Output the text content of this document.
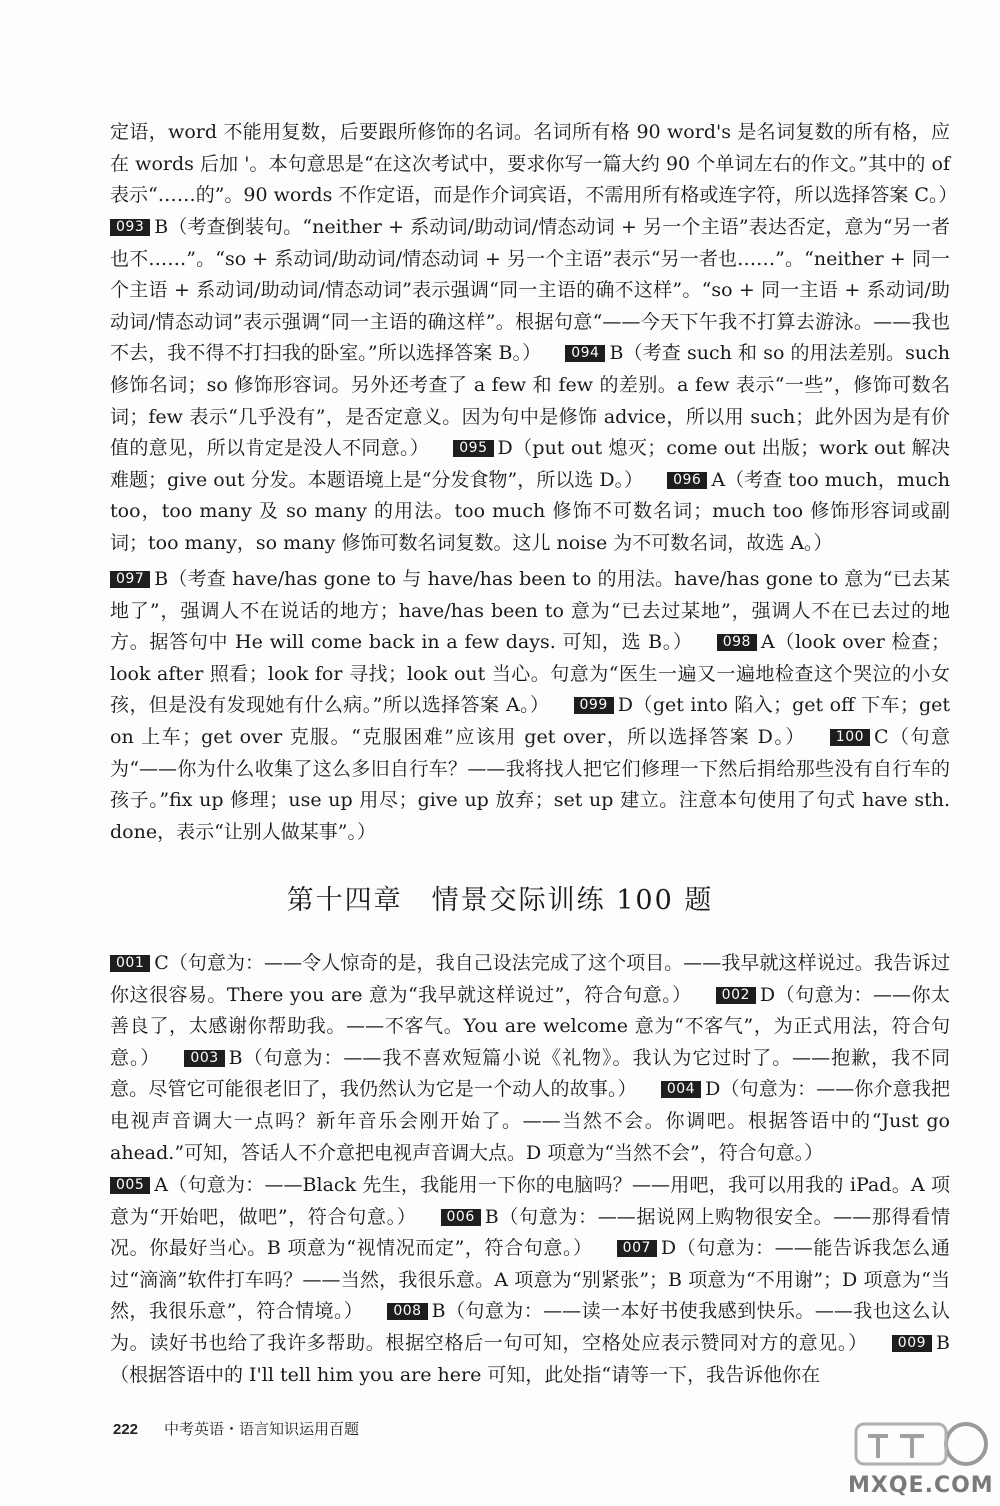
定语，word 不能用复数，后要跟所修饰的名词。名词所有格 90 word's 是名词复数的所有格，应在 words 后加 '。本句意思是“在这次考试中，要求你写一篇大约 90 个单词左右的作文。”其中的 of 表示“……的”。90 words 不作定语，而是作介词宾语，不需用所有格或连字符，所以选择答案 C。）

093 B（考查倒装句。“neither + 系动词/助动词/情态动词 + 另一个主语”表达否定，意为“另一者也不……”。“so + 系动词/助动词/情态动词 + 另一个主语”表示“另一者也……”。“neither + 同一个主语 + 系动词/助动词/情态动词”表示强调“同一主语的确不这样”。“so + 同一主语 + 系动词/助动词/情态动词”表示强调“同一主语的确这样”。根据句意“——今天下午我不打算去游泳。——我也不去，我不得不打扫我的卧室。”所以选择答案 B。） 094 B（考查 such 和 so 的用法差别。such 修饰名词；so 修饰形容词。另外还考查了 a few 和 few 的差别。a few 表示“一些”，修饰可数名词；few 表示“几乎没有”，是否定意义。因为句中是修饰 advice，所以用 such；此外因为是有价值的意见，所以肯定是没人不同意。） 095 D（put out 熄灭；come out 出版；work out 解决难题；give out 分发。本题语境上是“分发食物”，所以选 D。） 096 A（考查 too much，much too，too many 及 so many 的用法。too much 修饰不可数名词；much too 修饰形容词或副词；too many，so many 修饰可数名词复数。这儿 noise 为不可数名词，故选 A。）

097 B（考查 have/has gone to 与 have/has been to 的用法。have/has gone to 意为“已去某地了”，强调人不在说话的地方；have/has been to 意为“已去过某地”，强调人不在已去过的地方。据答句中 He will come back in a few days. 可知，选 B。） 098 A（look over 检查；look after 照看；look for 寻找；look out 当心。句意为“医生一遍又一遍地检查这个哭泣的小女孩，但是没有发现她有什么病。”所以选择答案 A。） 099 D（get into 陷入；get off 下车；get on 上车；get over 克服。“克服困难”应该用 get over，所以选择答案 D。） 100 C（句意为“——你为什么收集了这么多旧自行车？——我将找人把它们修理一下然后捐给那些没有自行车的孩子。”fix up 修理；use up 用尽；give up 放弃；set up 建立。注意本句使用了句式 have sth. done，表示“让别人做某事”。）

第十四章　情景交际训练 100 题

001 C（句意为：——令人惊奇的是，我自己设法完成了这个项目。——我早就这样说过。我告诉过你这很容易。There you are 意为“我早就这样说过”，符合句意。） 002 D（句意为：——你太善良了，太感谢你帮助我。——不客气。You are welcome 意为“不客气”，为正式用法，符合句意。） 003 B（句意为：——我不喜欢短篇小说《礼物》。我认为它过时了。——抱歉，我不同意。尽管它可能很老旧了，我仍然认为它是一个动人的故事。） 004 D（句意为：——你介意我把电视声音调大一点吗？新年音乐会刚开始了。——当然不会。你调吧。根据答语中的“Just go ahead.”可知，答话人不介意把电视声音调大点。D 项意为“当然不会”，符合句意。）

005 A（句意为：——Black 先生，我能用一下你的电脑吗？——用吧，我可以用我的 iPad。A 项意为“开始吧，做吧”，符合句意。） 006 B（句意为：——据说网上购物很安全。——那得看情况。你最好当心。B 项意为“视情况而定”，符合句意。） 007 D（句意为：——能告诉我怎么通过“滴滴”软件打车吗？——当然，我很乐意。A 项意为“别紧张”；B 项意为“不用谢”；D 项意为“当然，我很乐意”，符合情境。） 008 B（句意为：——读一本好书使我感到快乐。——我也这么认为。读好书也给了我许多帮助。根据空格后一句可知，空格处应表示赞同对方的意见。） 009 B（根据答语中的 I'll tell him you are here 可知，此处指“请等一下，我告诉他你在

222 中考英语・语言知识运用百题
MXQE.COM
